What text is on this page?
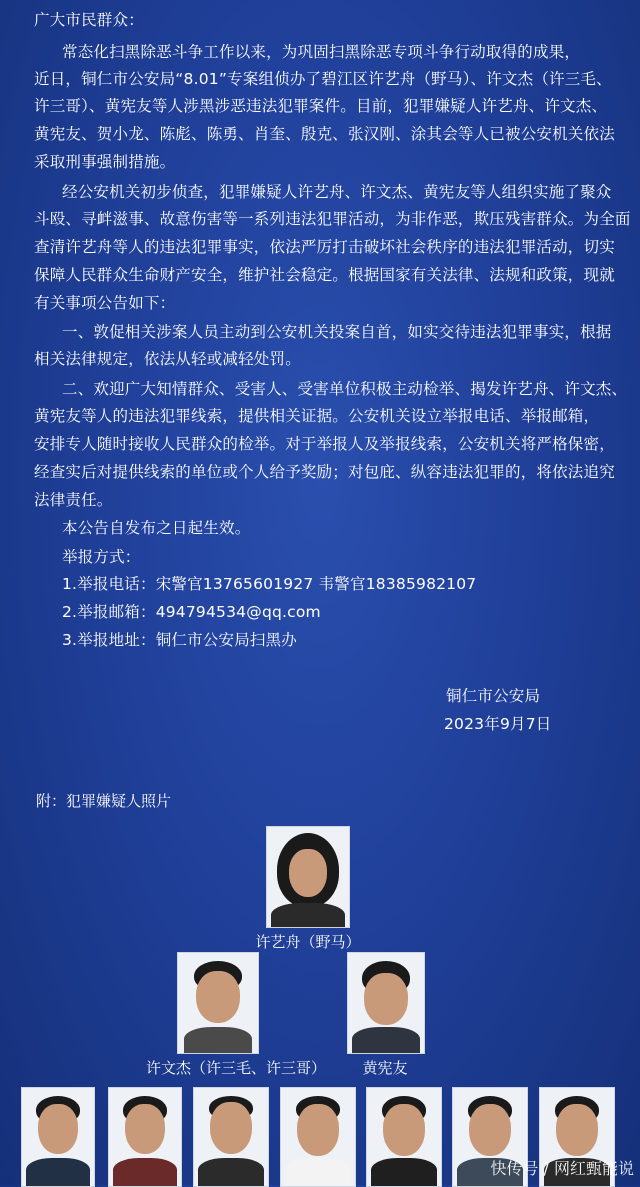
广大市民群众：
常态化扫黑除恶斗争工作以来，为巩固扫黑除恶专项斗争行动取得的成果，
近日，铜仁市公安局“8.01”专案组侦办了碧江区许艺舟（野马）、许文杰（许三毛、
许三哥）、黄宪友等人涉黑涉恶违法犯罪案件。目前，犯罪嫌疑人许艺舟、许文杰、
黄宪友、贺小龙、陈彪、陈勇、肖奎、殷克、张汉刚、涂其会等人已被公安机关依法
采取刑事强制措施。
经公安机关初步侦查，犯罪嫌疑人许艺舟、许文杰、黄宪友等人组织实施了聚众
斗殴、寻衅滋事、故意伤害等一系列违法犯罪活动，为非作恶，欺压残害群众。为全面
查清许艺舟等人的违法犯罪事实，依法严厉打击破坏社会秩序的违法犯罪活动，切实
保障人民群众生命财产安全，维护社会稳定。根据国家有关法律、法规和政策，现就
有关事项公告如下：
一、敦促相关涉案人员主动到公安机关投案自首，如实交待违法犯罪事实，根据
相关法律规定，依法从轻或减轻处罚。
二、欢迎广大知情群众、受害人、受害单位积极主动检举、揭发许艺舟、许文杰、
黄宪友等人的违法犯罪线索，提供相关证据。公安机关设立举报电话、举报邮箱，
安排专人随时接收人民群众的检举。对于举报人及举报线索，公安机关将严格保密，
经查实后对提供线索的单位或个人给予奖励；对包庇、纵容违法犯罪的，将依法追究
法律责任。
本公告自发布之日起生效。
举报方式：
1.举报电话：宋警官13765601927 韦警官18385982107
2.举报邮箱：494794534@qq.com
3.举报地址：铜仁市公安局扫黑办
铜仁市公安局
2023年9月7日
附：犯罪嫌疑人照片
许艺舟（野马）
许文杰（许三毛、许三哥）	黄宪友
快传号 / 网红甄能说
